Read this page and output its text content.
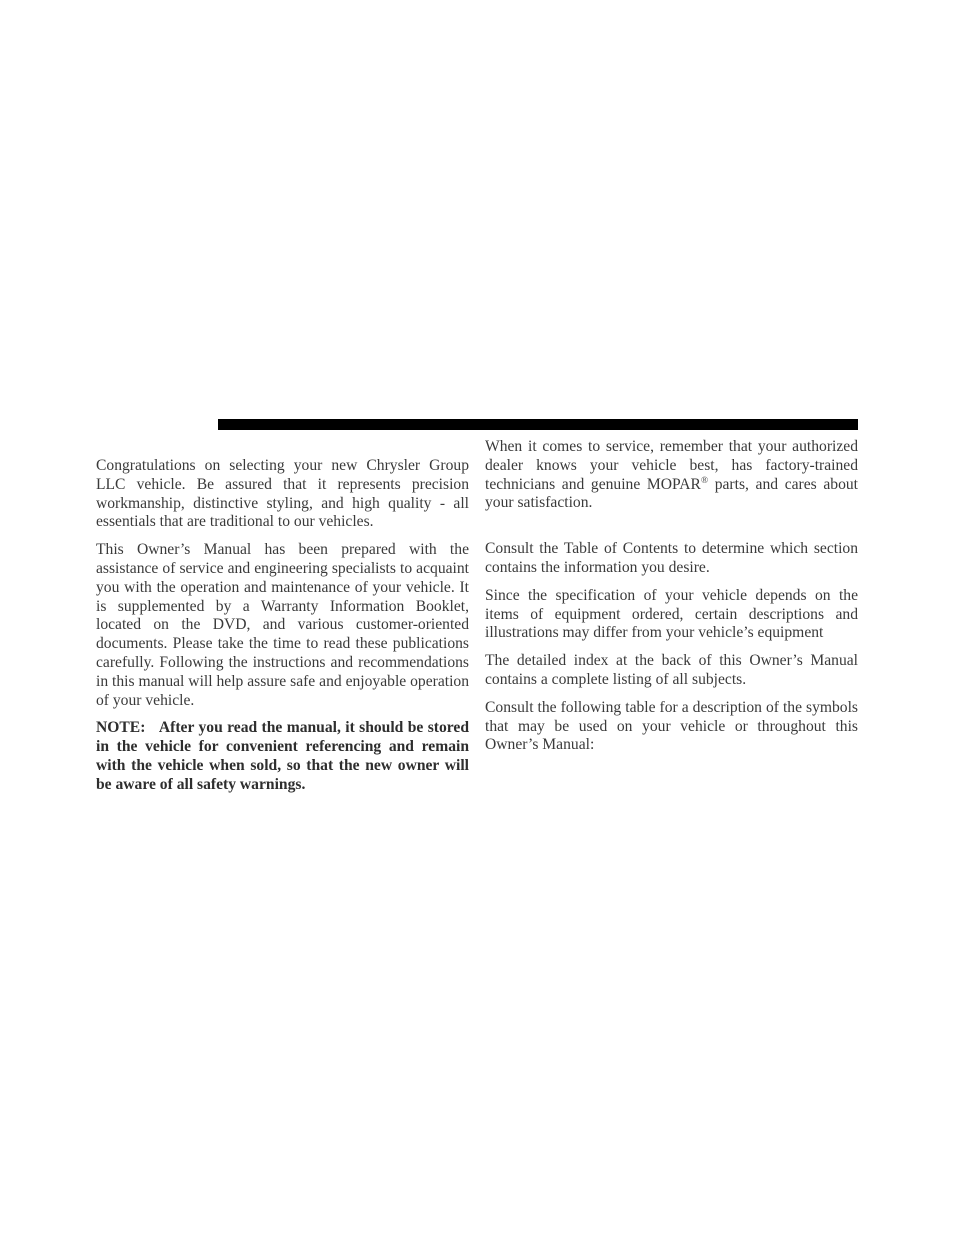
Congratulations on selecting your new Chrysler Group LLC vehicle. Be assured that it represents precision workmanship, distinctive styling, and high quality - all essentials that are traditional to our vehicles.

This Owner’s Manual has been prepared with the assistance of service and engineering specialists to acquaint you with the operation and maintenance of your vehicle. It is supplemented by a Warranty Information Booklet, located on the DVD, and various customer-oriented documents. Please take the time to read these publications carefully. Following the instructions and recommendations in this manual will help assure safe and enjoyable operation of your vehicle.

NOTE: After you read the manual, it should be stored in the vehicle for convenient referencing and remain with the vehicle when sold, so that the new owner will be aware of all safety warnings.

When it comes to service, remember that your authorized dealer knows your vehicle best, has factory-trained technicians and genuine MOPAR® parts, and cares about your satisfaction.

Consult the Table of Contents to determine which section contains the information you desire.

Since the specification of your vehicle depends on the items of equipment ordered, certain descriptions and illustrations may differ from your vehicle’s equipment

The detailed index at the back of this Owner’s Manual contains a complete listing of all subjects.

Consult the following table for a description of the symbols that may be used on your vehicle or throughout this Owner’s Manual:
